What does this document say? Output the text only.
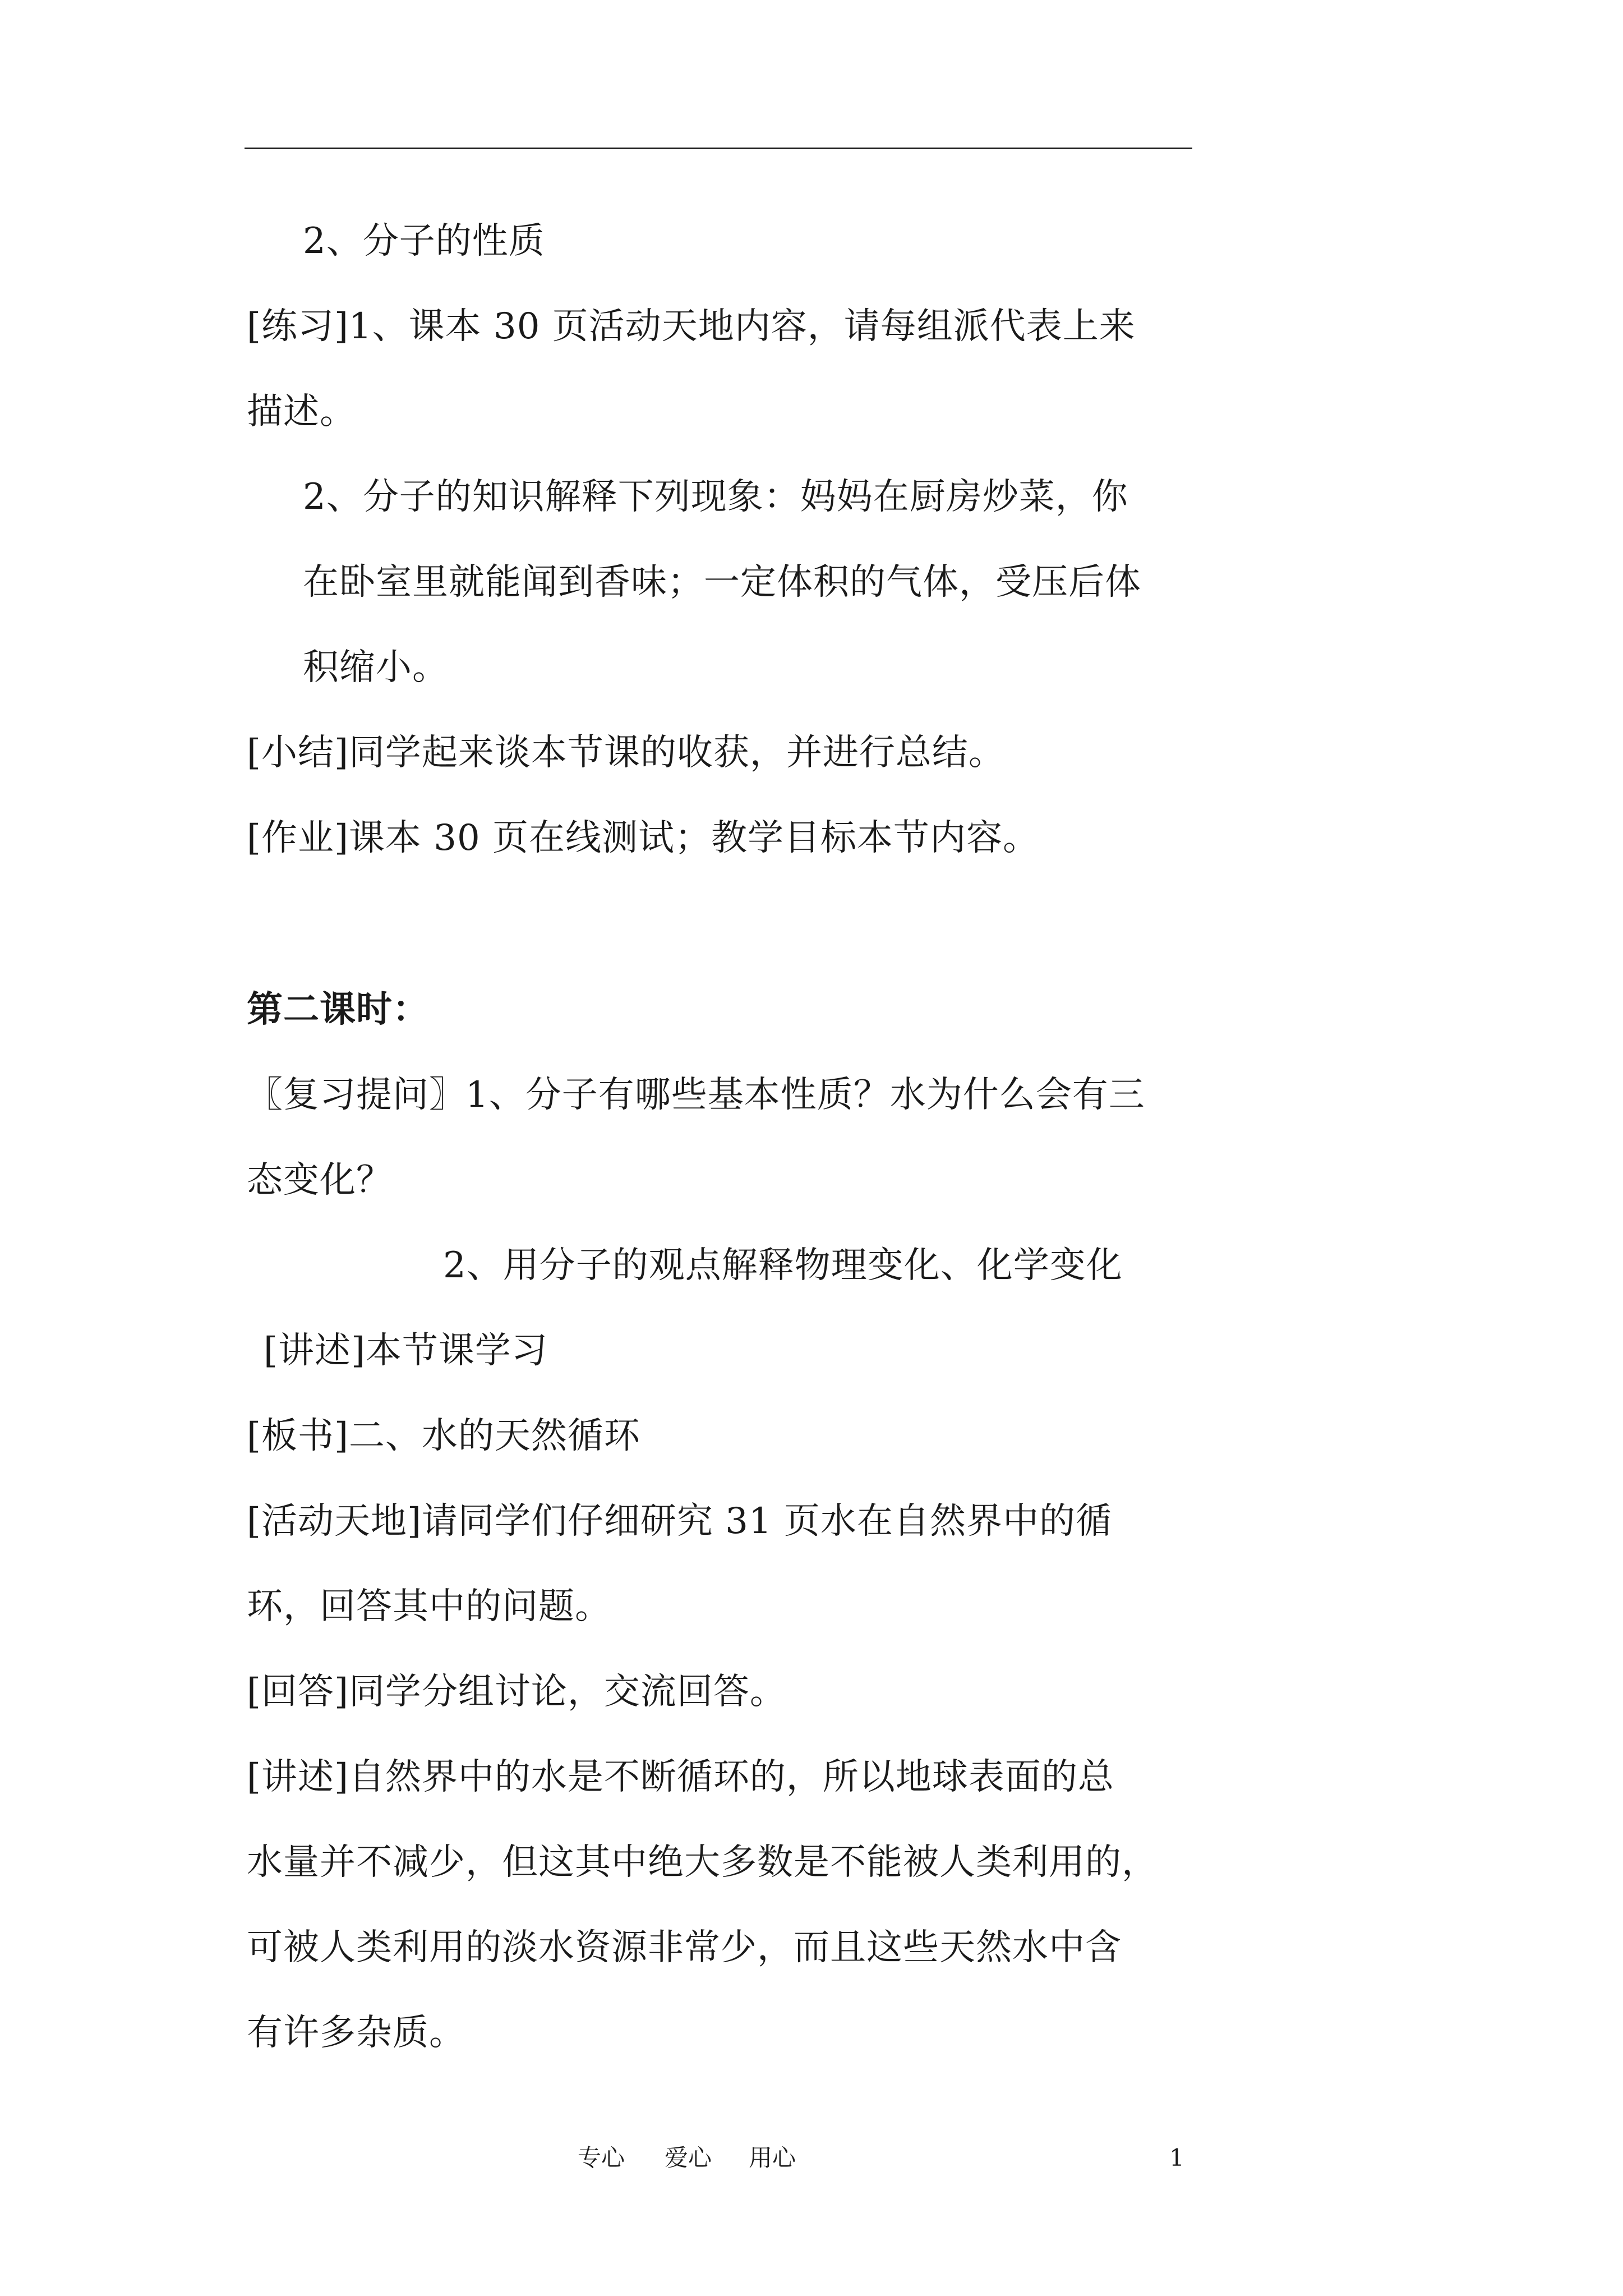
2、分子的性质
[练习]1、课本 30 页活动天地内容，请每组派代表上来
描述。
2、分子的知识解释下列现象：妈妈在厨房炒菜，你
在卧室里就能闻到香味；一定体积的气体，受压后体
积缩小。
[小结]同学起来谈本节课的收获，并进行总结。
[作业]课本 30 页在线测试；教学目标本节内容。
第二课时：
〖复习提问〗1、分子有哪些基本性质？水为什么会有三
态变化？
2、用分子的观点解释物理变化、化学变化
[讲述]本节课学习
[板书]二、水的天然循环
[活动天地]请同学们仔细研究 31 页水在自然界中的循
环，回答其中的问题。
[回答]同学分组讨论，交流回答。
[讲述]自然界中的水是不断循环的，所以地球表面的总
水量并不减少，但这其中绝大多数是不能被人类利用的，
可被人类利用的淡水资源非常少，而且这些天然水中含
有许多杂质。
专心 爱心 用心	1
